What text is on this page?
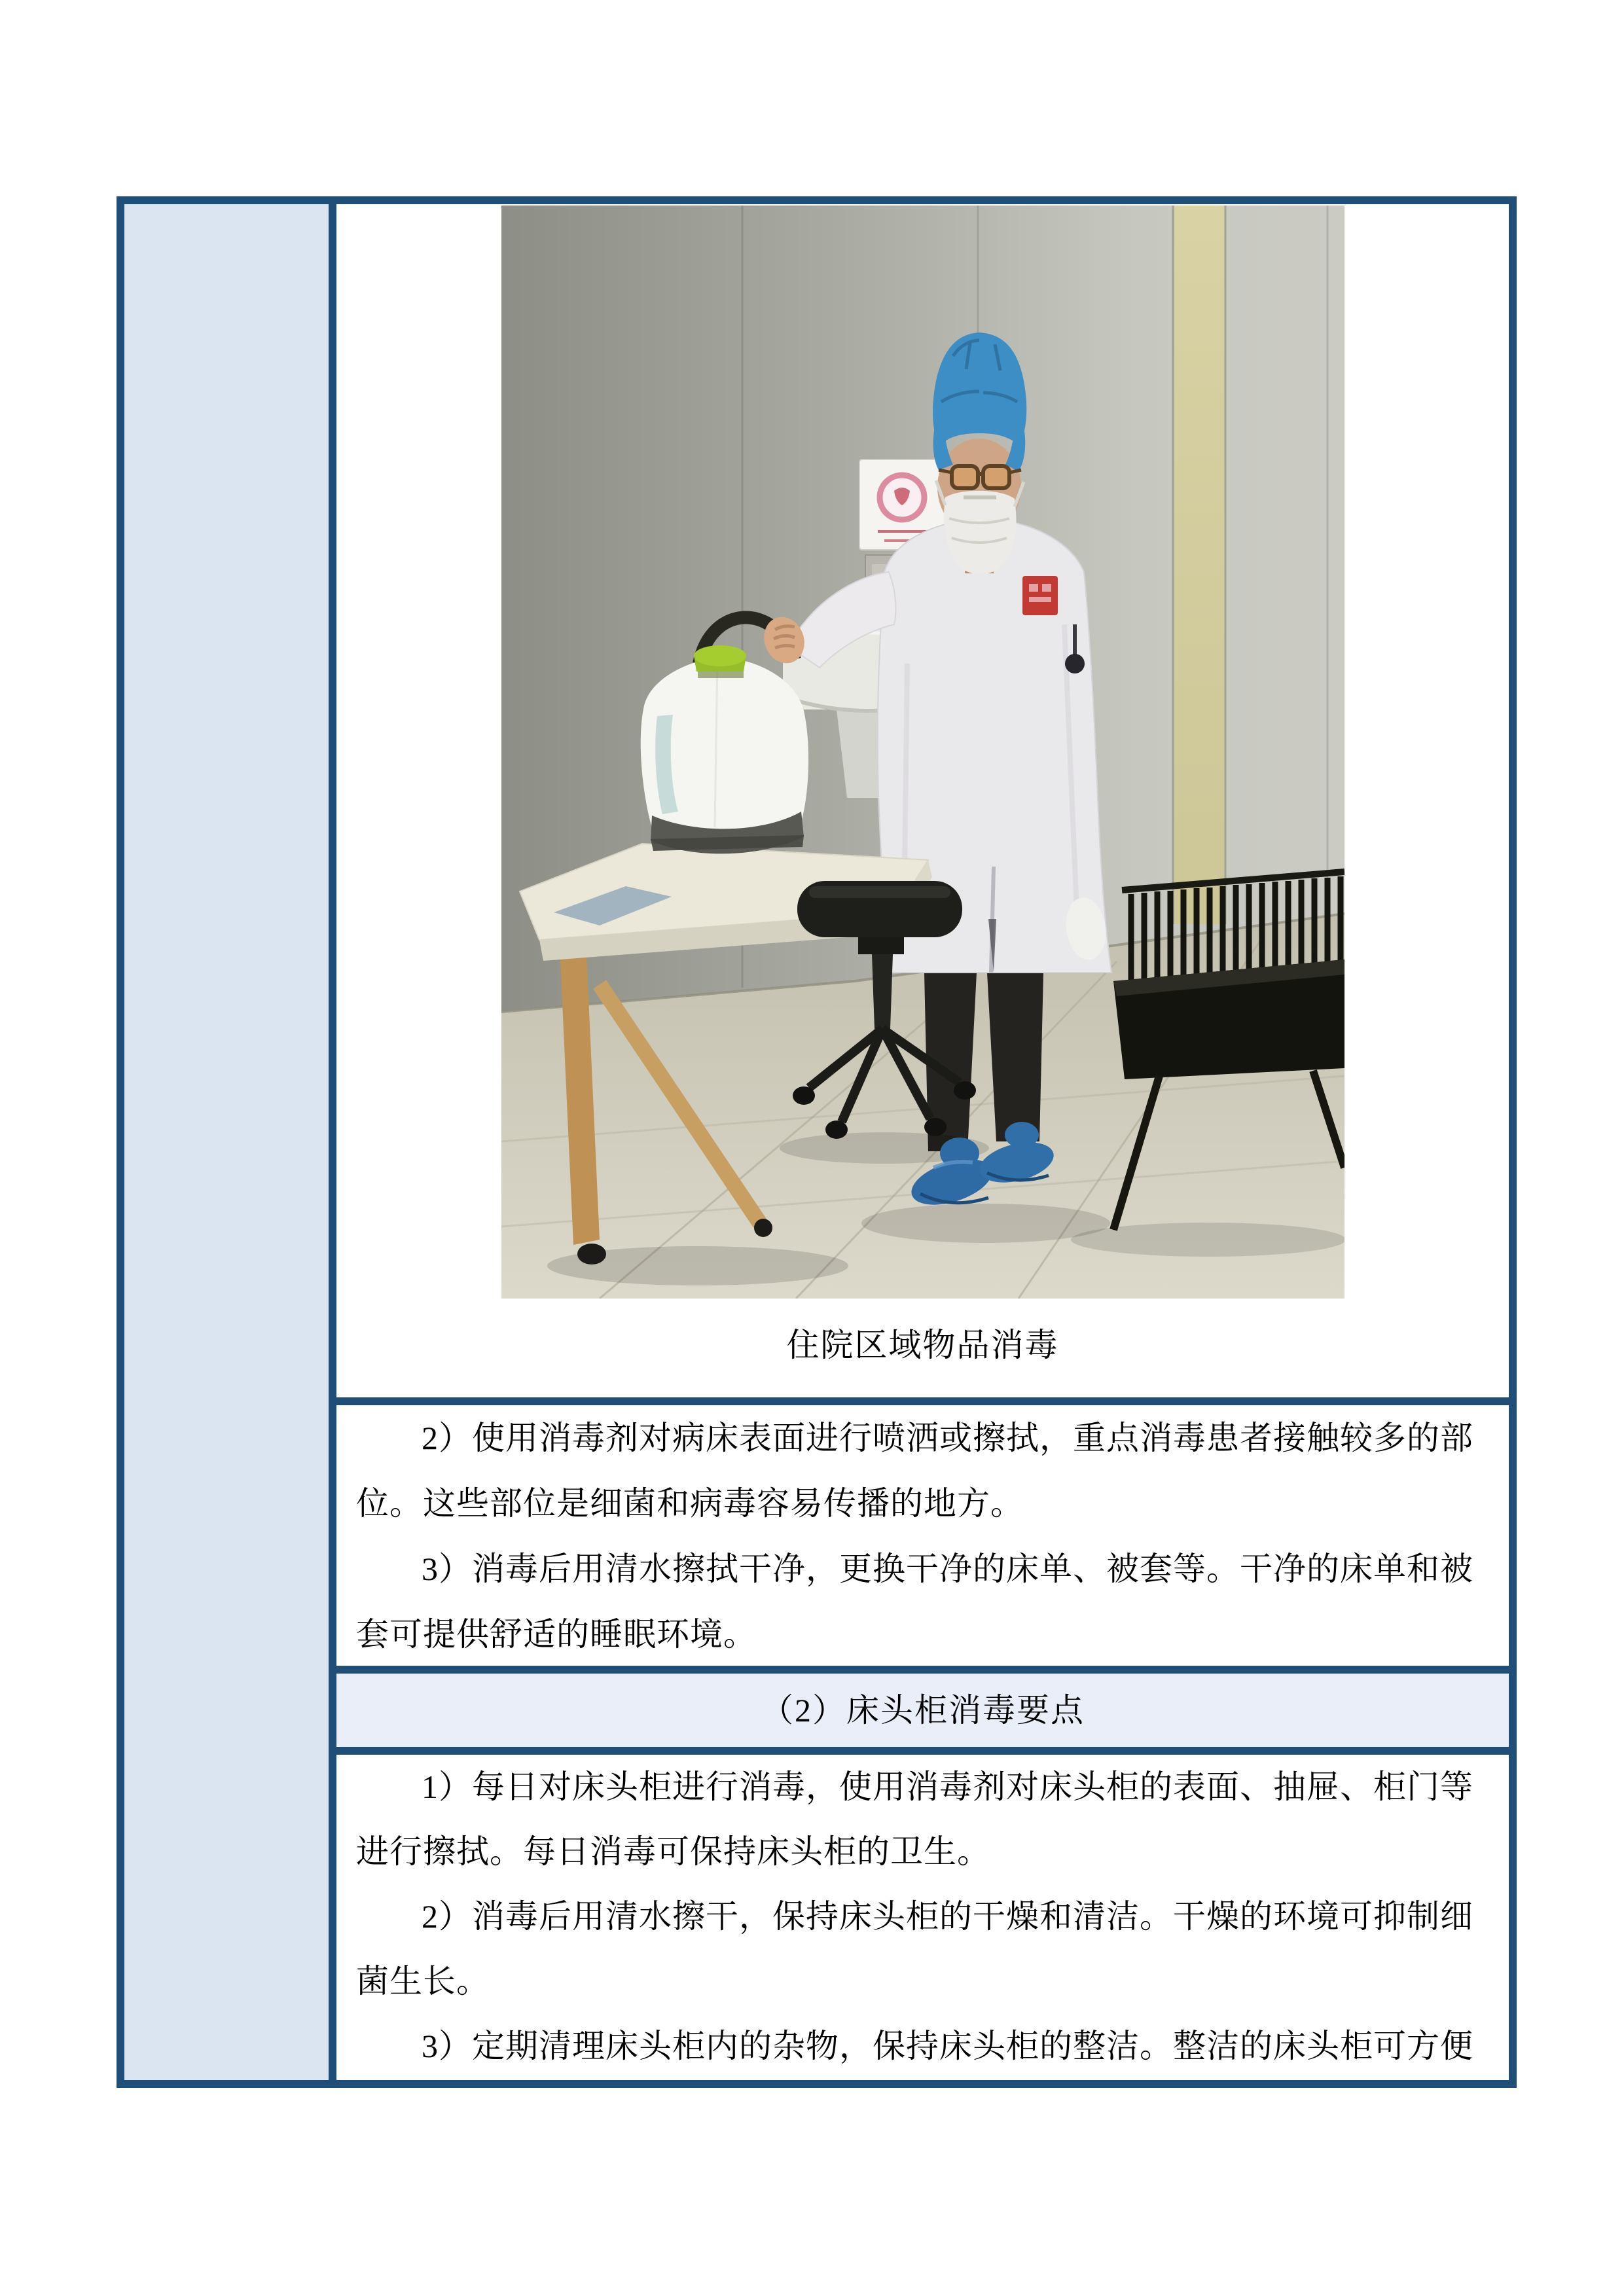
住院区域物品消毒
2）使用消毒剂对病床表面进行喷洒或擦拭，重点消毒患者接触较多的部
位。这些部位是细菌和病毒容易传播的地方。
3）消毒后用清水擦拭干净，更换干净的床单、被套等。干净的床单和被
套可提供舒适的睡眠环境。
（2）床头柜消毒要点
1）每日对床头柜进行消毒，使用消毒剂对床头柜的表面、抽屉、柜门等
进行擦拭。每日消毒可保持床头柜的卫生。
2）消毒后用清水擦干，保持床头柜的干燥和清洁。干燥的环境可抑制细
菌生长。
3）定期清理床头柜内的杂物，保持床头柜的整洁。整洁的床头柜可方便
